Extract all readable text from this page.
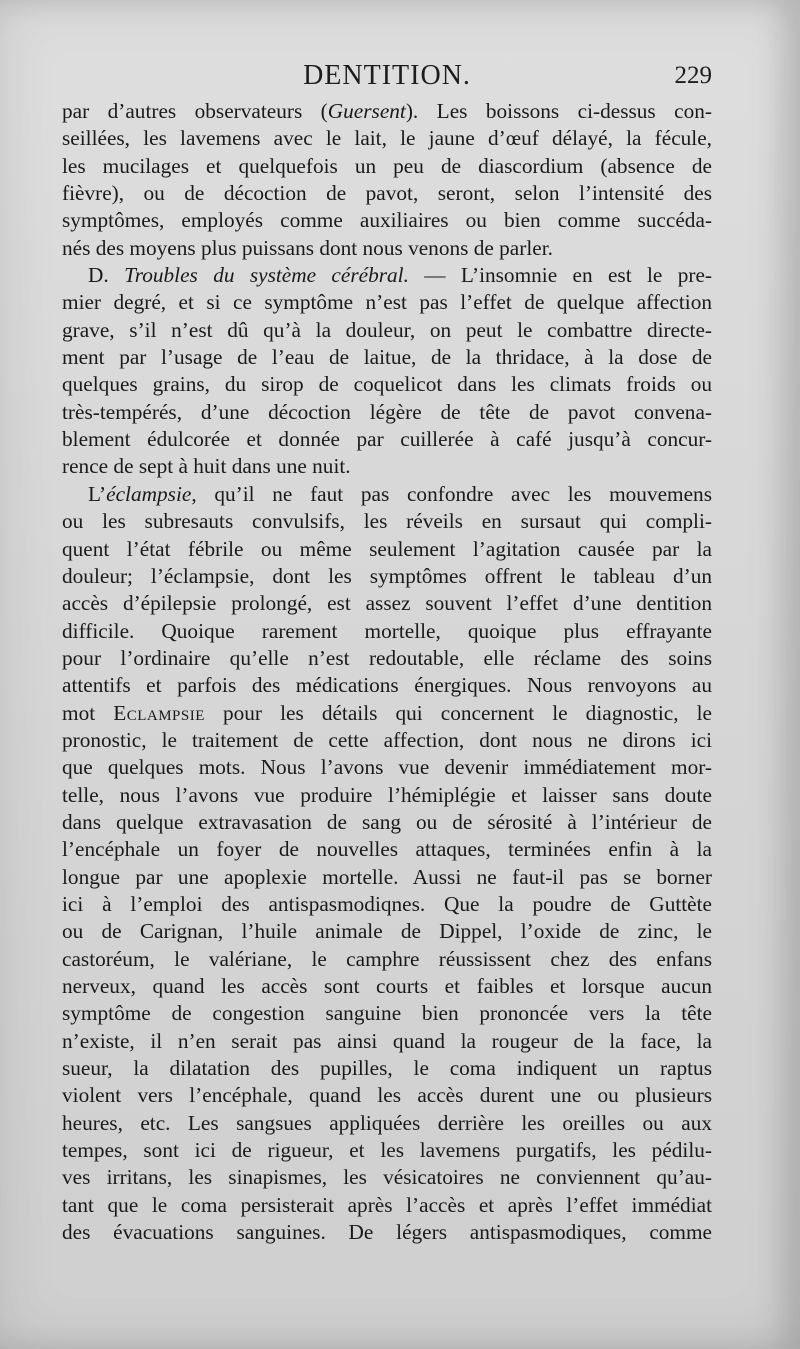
DENTITION.	229
par d’autres observateurs (Guersent). Les boissons ci-dessus con-
seillées, les lavemens avec le lait, le jaune d’œuf délayé, la fécule,
les mucilages et quelquefois un peu de diascordium (absence de
fièvre), ou de décoction de pavot, seront, selon l’intensité des
symptômes, employés comme auxiliaires ou bien comme succéda-
nés des moyens plus puissans dont nous venons de parler.
D. Troubles du système cérébral. — L’insomnie en est le pre-
mier degré, et si ce symptôme n’est pas l’effet de quelque affection
grave, s’il n’est dû qu’à la douleur, on peut le combattre directe-
ment par l’usage de l’eau de laitue, de la thridace, à la dose de
quelques grains, du sirop de coquelicot dans les climats froids ou
très-tempérés, d’une décoction légère de tête de pavot convena-
blement édulcorée et donnée par cuillerée à café jusqu’à concur-
rence de sept à huit dans une nuit.
L’éclampsie, qu’il ne faut pas confondre avec les mouvemens
ou les subresauts convulsifs, les réveils en sursaut qui compli-
quent l’état fébrile ou même seulement l’agitation causée par la
douleur; l’éclampsie, dont les symptômes offrent le tableau d’un
accès d’épilepsie prolongé, est assez souvent l’effet d’une dentition
difficile. Quoique rarement mortelle, quoique plus effrayante
pour l’ordinaire qu’elle n’est redoutable, elle réclame des soins
attentifs et parfois des médications énergiques. Nous renvoyons au
mot Eclampsie pour les détails qui concernent le diagnostic, le
pronostic, le traitement de cette affection, dont nous ne dirons ici
que quelques mots. Nous l’avons vue devenir immédiatement mor-
telle, nous l’avons vue produire l’hémiplégie et laisser sans doute
dans quelque extravasation de sang ou de sérosité à l’intérieur de
l’encéphale un foyer de nouvelles attaques, terminées enfin à la
longue par une apoplexie mortelle. Aussi ne faut-il pas se borner
ici à l’emploi des antispasmodiqnes. Que la poudre de Guttète
ou de Carignan, l’huile animale de Dippel, l’oxide de zinc, le
castoréum, le valériane, le camphre réussissent chez des enfans
nerveux, quand les accès sont courts et faibles et lorsque aucun
symptôme de congestion sanguine bien prononcée vers la tête
n’existe, il n’en serait pas ainsi quand la rougeur de la face, la
sueur, la dilatation des pupilles, le coma indiquent un raptus
violent vers l’encéphale, quand les accès durent une ou plusieurs
heures, etc. Les sangsues appliquées derrière les oreilles ou aux
tempes, sont ici de rigueur, et les lavemens purgatifs, les pédilu-
ves irritans, les sinapismes, les vésicatoires ne conviennent qu’au-
tant que le coma persisterait après l’accès et après l’effet immédiat
des évacuations sanguines. De légers antispasmodiques, comme
